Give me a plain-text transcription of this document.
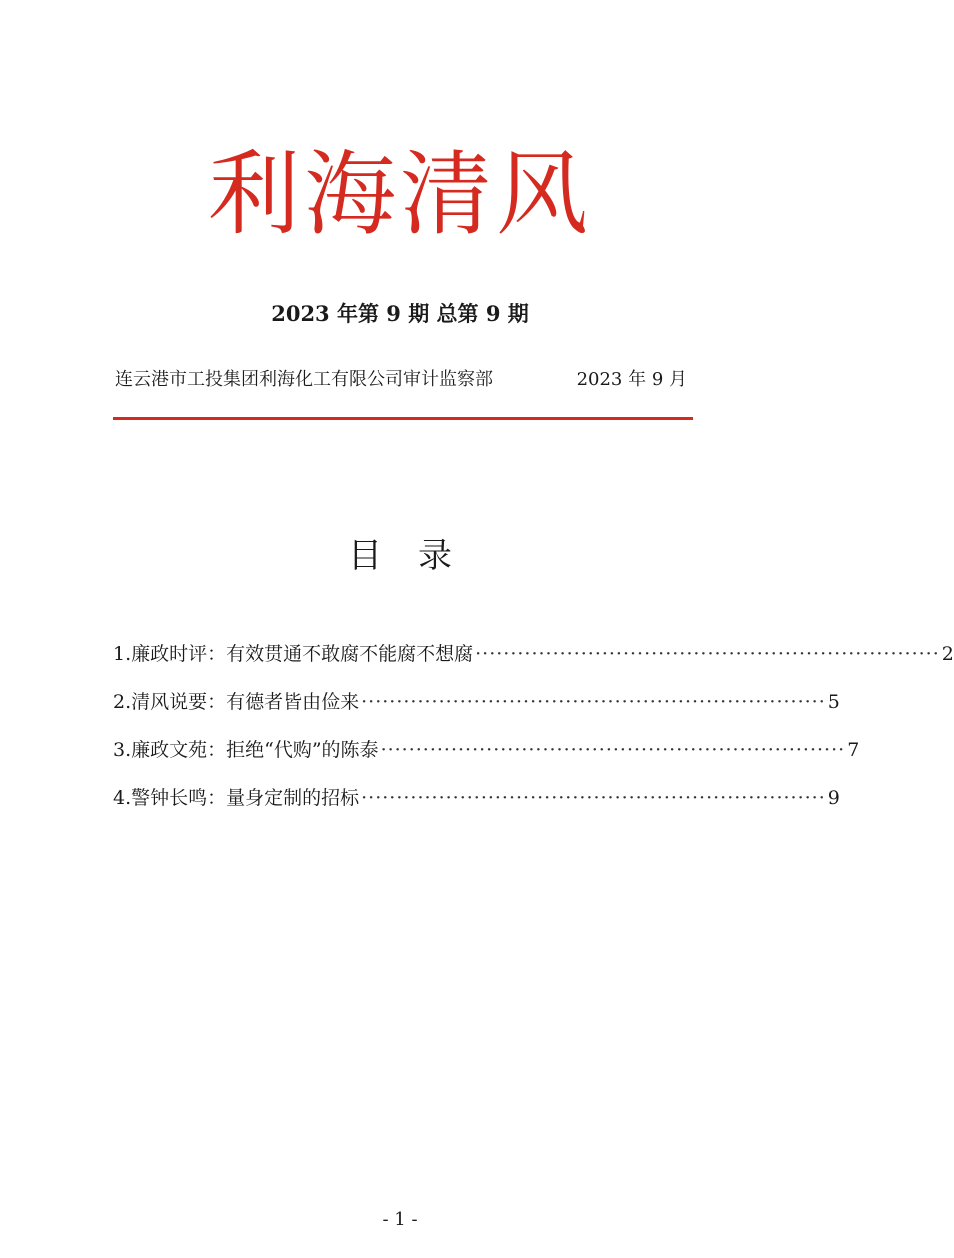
利海清风
2023 年第 9 期 总第 9 期
连云港市工投集团利海化工有限公司审计监察部	2023 年 9 月
目录
1.廉政时评：有效贯通不敢腐不能腐不想腐 ·································································· 2
2.清风说要：有德者皆由俭来 ·································································· 5
3.廉政文苑：拒绝“代购”的陈泰 ·································································· 7
4.警钟长鸣：量身定制的招标 ·································································· 9
- 1 -
